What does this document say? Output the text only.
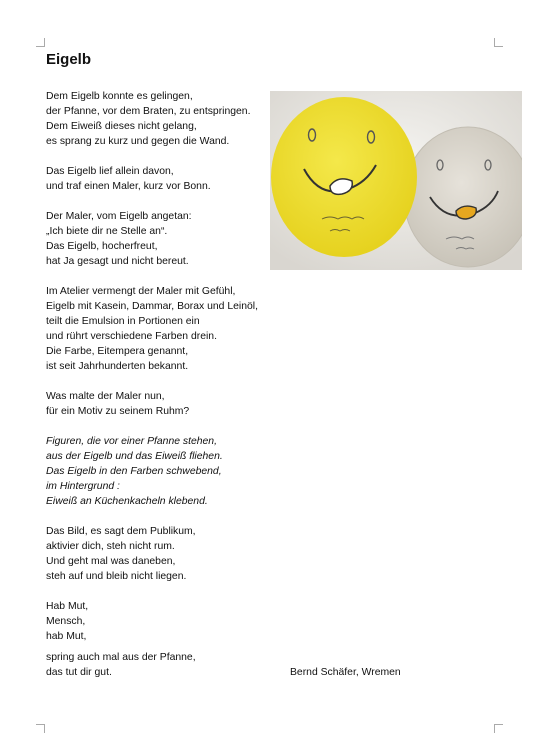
Eigelb
Dem Eigelb konnte es gelingen,
der Pfanne, vor dem Braten, zu entspringen.
Dem Eiweiß dieses nicht gelang,
es sprang zu kurz und gegen die Wand.
Das Eigelb lief allein davon,
und traf einen Maler, kurz vor Bonn.
Der Maler, vom Eigelb angetan:
„Ich biete dir ne Stelle an“.
Das Eigelb, hocherfreut,
hat Ja gesagt und nicht bereut.
Im Atelier vermengt der Maler mit Gefühl,
Eigelb mit Kasein, Dammar, Borax und Leinöl,
teilt die Emulsion in Portionen ein
und rührt verschiedene Farben drein.
Die Farbe, Eitempera genannt,
ist seit Jahrhunderten bekannt.
Was malte der Maler nun,
für ein Motiv zu seinem Ruhm?
Figuren, die vor einer Pfanne stehen,
aus der Eigelb und das Eiweiß fliehen.
Das Eigelb in den Farben schwebend,
im Hintergrund :
Eiweiß an Küchenkacheln klebend.
Das Bild, es sagt dem Publikum,
aktivier dich, steh nicht rum.
Und geht mal was daneben,
steh auf und bleib nicht liegen.
Hab Mut,
Mensch,
hab Mut,
spring auch mal aus der Pfanne,
das tut dir gut.	Bernd Schäfer, Wremen
